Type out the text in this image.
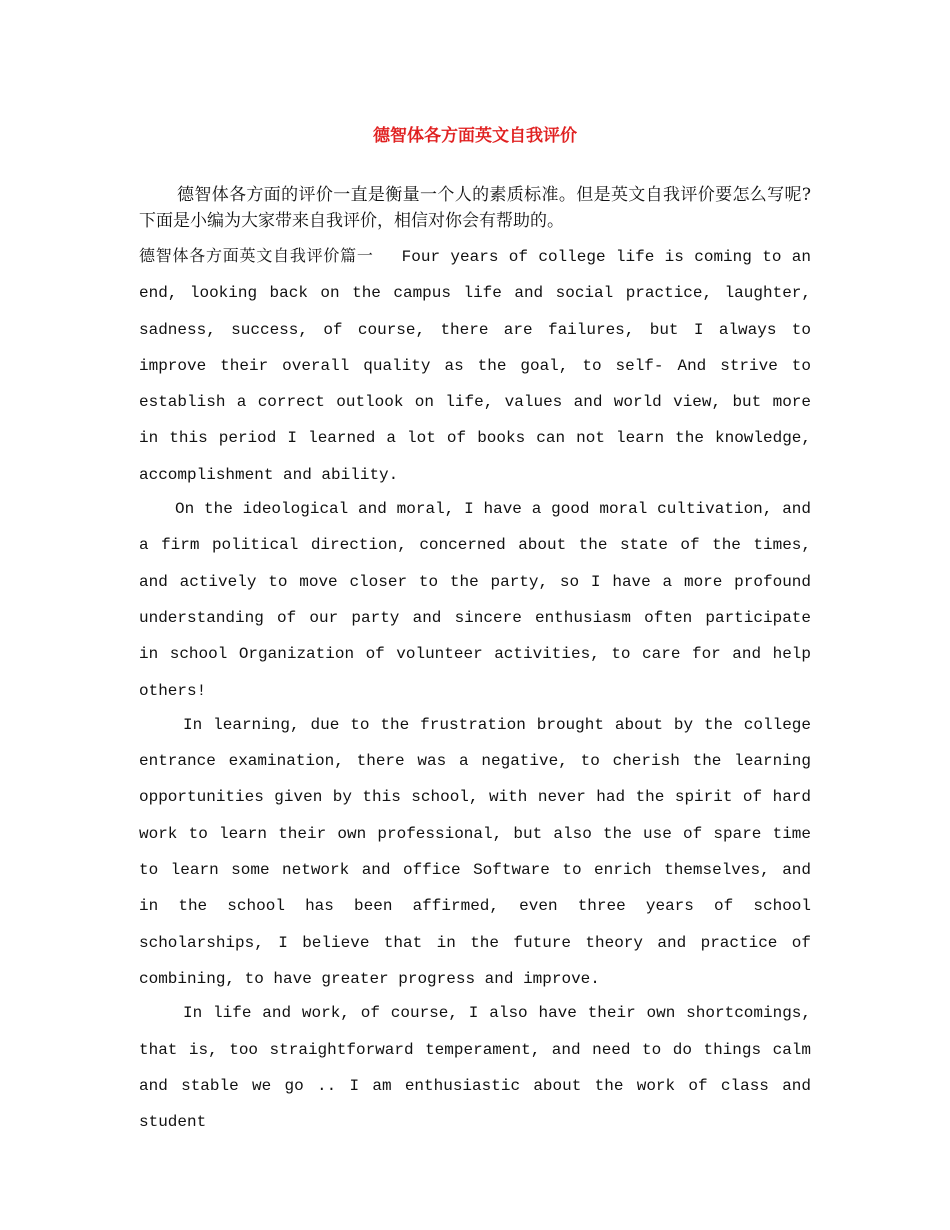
德智体各方面英文自我评价

德智体各方面的评价一直是衡量一个人的素质标准。但是英文自我评价要怎么写呢?下面是小编为大家带来自我评价，相信对你会有帮助的。

德智体各方面英文自我评价篇一 Four years of college life is coming to an end, looking back on the campus life and social practice, laughter, sadness, success, of course, there are failures, but I always to improve their overall quality as the goal, to self- And strive to establish a correct outlook on life, values and world view, but more in this period I learned a lot of books can not learn the knowledge, accomplishment and ability.

On the ideological and moral, I have a good moral cultivation, and a firm political direction, concerned about the state of the times, and actively to move closer to the party, so I have a more profound understanding of our party and sincere enthusiasm often participate in school Organization of volunteer activities, to care for and help others!

In learning, due to the frustration brought about by the college entrance examination, there was a negative, to cherish the learning opportunities given by this school, with never had the spirit of hard work to learn their own professional, but also the use of spare time to learn some network and office Software to enrich themselves, and in the school has been affirmed, even three years of school scholarships, I believe that in the future theory and practice of combining, to have greater progress and improve.

In life and work, of course, I also have their own shortcomings, that is, too straightforward temperament, and need to do things calm and stable we go .. I am enthusiastic about the work of class and student
